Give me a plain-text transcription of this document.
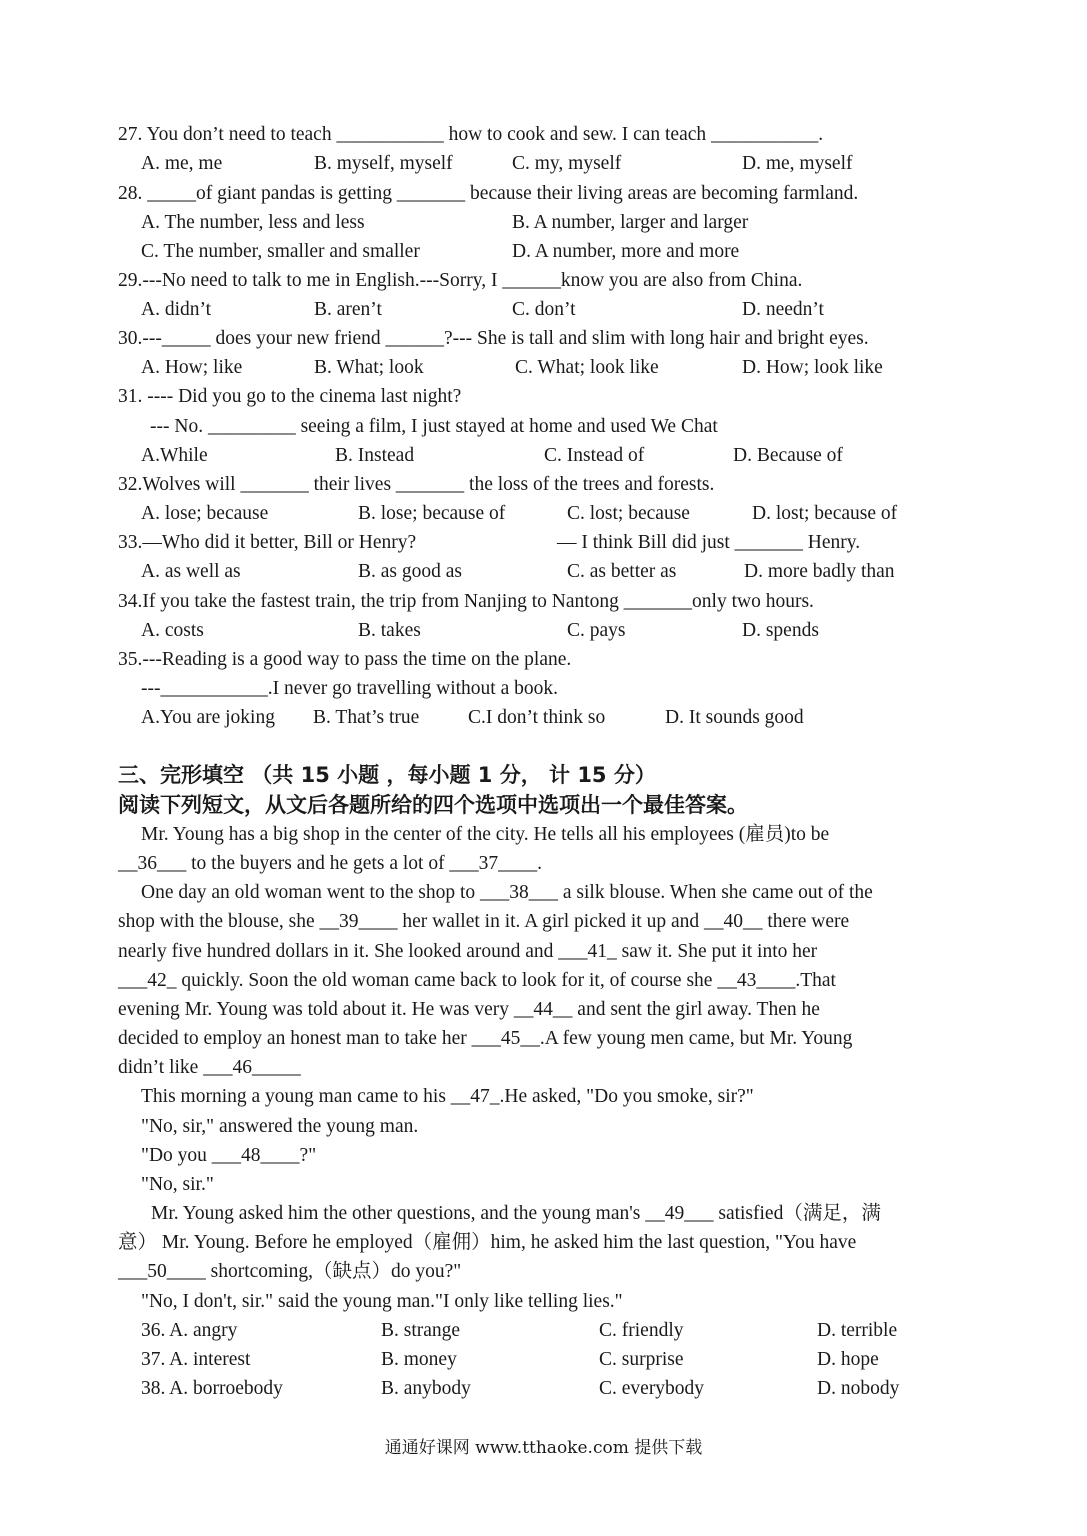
27. You don’t need to teach ___________ how to cook and sew. I can teach ___________.
A. me, me	B. myself, myself	C. my, myself	D. me, myself
28. _____of giant pandas is getting _______ because their living areas are becoming farmland.
A. The number, less and less	B. A number, larger and larger
C. The number, smaller and smaller	D. A number, more and more
29.---No need to talk to me in English.---Sorry, I ______know you are also from China.
A. didn’t	B. aren’t	C. don’t	D. needn’t
30.---_____ does your new friend ______?--- She is tall and slim with long hair and bright eyes.
A. How; like	B. What; look	C. What; look like	D. How; look like
31. ---- Did you go to the cinema last night?
--- No. _________ seeing a film, I just stayed at home and used We Chat
A.While	B. Instead	C. Instead of	D. Because of
32.Wolves will _______ their lives _______ the loss of the trees and forests.
A. lose; because	B. lose; because of	C. lost; because	D. lost; because of
33.—Who did it better, Bill or Henry?	— I think Bill did just _______ Henry.
A. as well as	B. as good as	C. as better as	D. more badly than
34.If you take the fastest train, the trip from Nanjing to Nantong _______only two hours.
A. costs	B. takes	C. pays	D. spends
35.---Reading is a good way to pass the time on the plane.
---___________.I never go travelling without a book.
A.You are joking B. That’s true C.I don’t think so	D. It sounds good
三、完形填空 （共 15 小题 ，每小题 1 分， 计 15 分）
阅读下列短文，从文后各题所给的四个选项中选项出一个最佳答案。
Mr. Young has a big shop in the center of the city. He tells all his employees (雇员)to be
__36___ to the buyers and he gets a lot of ___37____.
One day an old woman went to the shop to ___38___ a silk blouse. When she came out of the
shop with the blouse, she __39____ her wallet in it. A girl picked it up and __40__ there were
nearly five hundred dollars in it. She looked around and ___41_ saw it. She put it into her
___42_ quickly. Soon the old woman came back to look for it, of course she __43____.That
evening Mr. Young was told about it. He was very __44__ and sent the girl away. Then he
decided to employ an honest man to take her ___45__.A few young men came, but Mr. Young
didn’t like ___46_____
This morning a young man came to his __47_.He asked, "Do you smoke, sir?"
"No, sir," answered the young man.
"Do you ___48____?"
"No, sir."
Mr. Young asked him the other questions, and the young man's __49___ satisfied（满足，满
意） Mr. Young. Before he employed（雇佣）him, he asked him the last question, "You have
___50____ shortcoming,（缺点）do you?"
"No, I don't, sir." said the young man."I only like telling lies."
36. A. angry	B. strange	C. friendly	D. terrible
37. A. interest	B. money	C. surprise	D. hope
38. A. borroebody	B. anybody	C. everybody	D. nobody
通通好课网 www.tthaoke.com 提供下载
